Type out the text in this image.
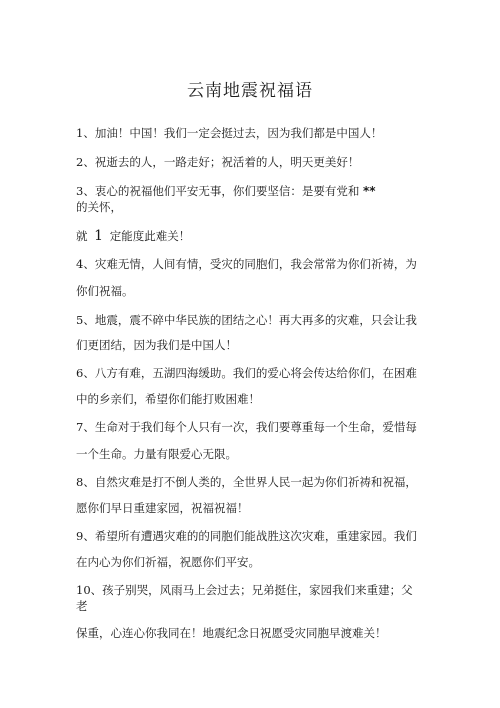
云南地震祝福语
1、加油！中国！我们一定会挺过去，因为我们都是中国人！
2、祝逝去的人，一路走好；祝活着的人，明天更美好！
3、衷心的祝福他们平安无事，你们要坚信：是要有党和 **
的关怀，
就 1 定能度此难关！
4、灾难无情，人间有情，受灾的同胞们，我会常常为你们祈祷，为
你们祝福。
5、地震，震不碎中华民族的团结之心！再大再多的灾难，只会让我
们更团结，因为我们是中国人！
6、八方有难，五湖四海缓助。我们的爱心将会传达给你们，在困难
中的乡亲们，希望你们能打败困难！
7、生命对于我们每个人只有一次，我们要尊重每一个生命，爱惜每
一个生命。力量有限爱心无限。
8、自然灾难是打不倒人类的，全世界人民一起为你们祈祷和祝福，
愿你们早日重建家园，祝福祝福！
9、希望所有遭遇灾难的的同胞们能战胜这次灾难，重建家园。我们
在内心为你们祈福，祝愿你们平安。
10、孩子别哭，风雨马上会过去；兄弟挺住，家园我们来重建；父
老
保重，心连心你我同在！地震纪念日祝愿受灾同胞早渡难关！
